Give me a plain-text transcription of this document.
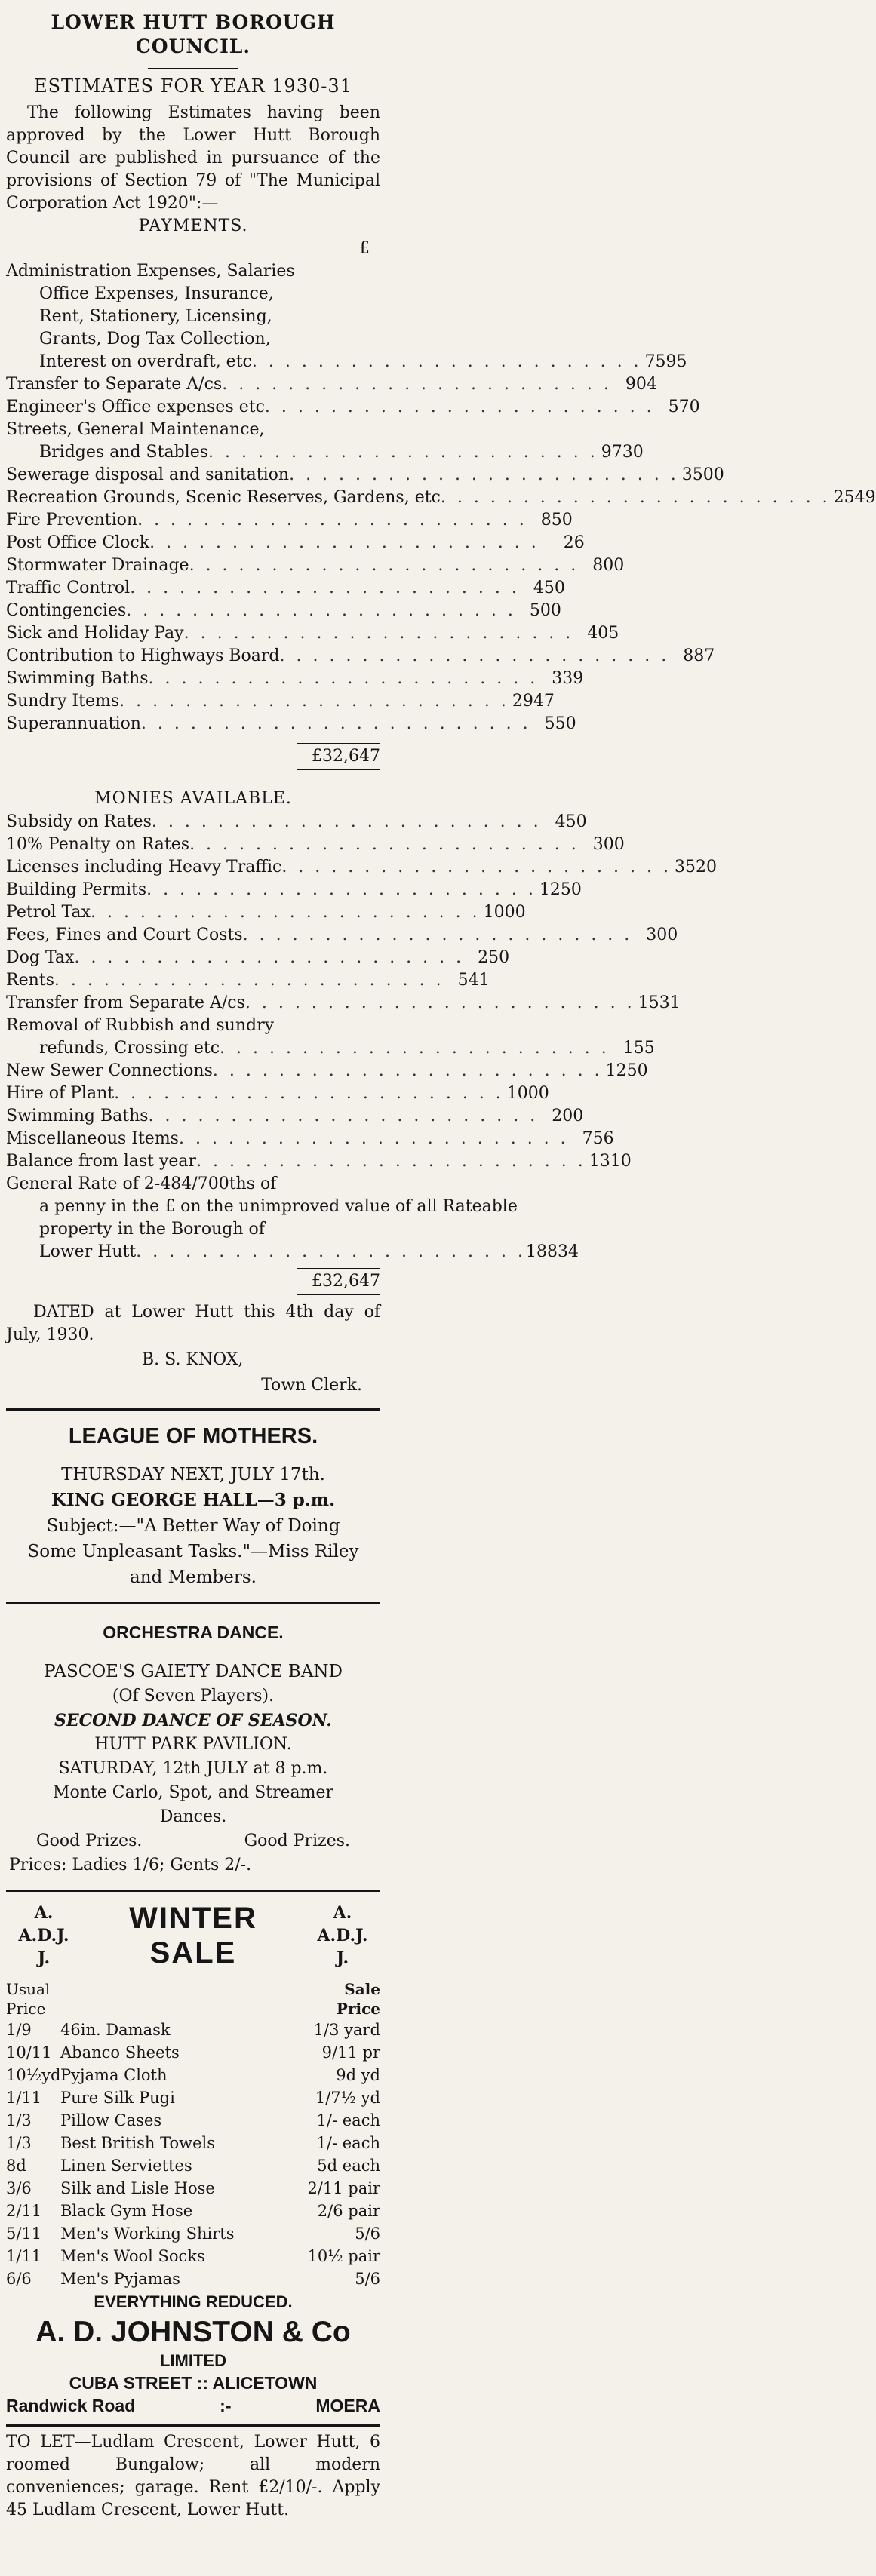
LOWER HUTT BOROUGH COUNCIL.
ESTIMATES FOR YEAR 1930-31
The following Estimates having been approved by the Lower Hutt Borough Council are published in pursuance of the provisions of Section 79 of "The Municipal Corporation Act 1920":—
PAYMENTS.
£
Administration Expenses, Salaries
Office Expenses, Insurance,
Rent, Stationery, Licensing,
Grants, Dog Tax Collection,
Interest on overdraft, etc . . . . . . . . . . . . . . . . . . . . . . . . 7595
Transfer to Separate A/cs . . . . . . . . . . . . . . . . . . . . . . . . 904
Engineer's Office expenses etc . . . . . . . . . . . . . . . . . . . . . . . . 570
Streets, General Maintenance,
Bridges and Stables . . . . . . . . . . . . . . . . . . . . . . . . 9730
Sewerage disposal and sanitation . . . . . . . . . . . . . . . . . . . . . . . . 3500
Recreation Grounds, Scenic Reserves, Gardens, etc . . . . . . . . . . . . . . . . . . . . . . . . 2549
Fire Prevention . . . . . . . . . . . . . . . . . . . . . . . . 850
Post Office Clock . . . . . . . . . . . . . . . . . . . . . . . .	26
Stormwater Drainage . . . . . . . . . . . . . . . . . . . . . . . . 800
Traffic Control . . . . . . . . . . . . . . . . . . . . . . . . 450
Contingencies . . . . . . . . . . . . . . . . . . . . . . . . 500
Sick and Holiday Pay . . . . . . . . . . . . . . . . . . . . . . . . 405
Contribution to Highways Board . . . . . . . . . . . . . . . . . . . . . . . . 887
Swimming Baths . . . . . . . . . . . . . . . . . . . . . . . . 339
Sundry Items . . . . . . . . . . . . . . . . . . . . . . . . 2947
Superannuation . . . . . . . . . . . . . . . . . . . . . . . . 550
£32,647
MONIES AVAILABLE.
Subsidy on Rates . . . . . . . . . . . . . . . . . . . . . . . . 450
10% Penalty on Rates . . . . . . . . . . . . . . . . . . . . . . . . 300
Licenses including Heavy Traffic . . . . . . . . . . . . . . . . . . . . . . . . 3520
Building Permits . . . . . . . . . . . . . . . . . . . . . . . . 1250
Petrol Tax . . . . . . . . . . . . . . . . . . . . . . . . 1000
Fees, Fines and Court Costs . . . . . . . . . . . . . . . . . . . . . . . . 300
Dog Tax . . . . . . . . . . . . . . . . . . . . . . . . 250
Rents . . . . . . . . . . . . . . . . . . . . . . . . 541
Transfer from Separate A/cs . . . . . . . . . . . . . . . . . . . . . . . . 1531
Removal of Rubbish and sundry
refunds, Crossing etc . . . . . . . . . . . . . . . . . . . . . . . . 155
New Sewer Connections . . . . . . . . . . . . . . . . . . . . . . . . 1250
Hire of Plant . . . . . . . . . . . . . . . . . . . . . . . . 1000
Swimming Baths . . . . . . . . . . . . . . . . . . . . . . . . 200
Miscellaneous Items . . . . . . . . . . . . . . . . . . . . . . . . 756
Balance from last year . . . . . . . . . . . . . . . . . . . . . . . . 1310
General Rate of 2-484/700ths of
a penny in the £ on the unimproved value of all Rateable
property in the Borough of
Lower Hutt . . . . . . . . . . . . . . . . . . . . . . . . 18834
£32,647
DATED at Lower Hutt this 4th day of July, 1930.
B. S. KNOX,
Town Clerk.
LEAGUE OF MOTHERS.
THURSDAY NEXT, JULY 17th.
KING GEORGE HALL—3 p.m.
Subject:—"A Better Way of Doing
Some Unpleasant Tasks."—Miss Riley
and Members.
ORCHESTRA DANCE.
PASCOE'S GAIETY DANCE BAND
(Of Seven Players).
SECOND DANCE OF SEASON.
HUTT PARK PAVILION.
SATURDAY, 12th JULY at 8 p.m.
Monte Carlo, Spot, and Streamer
Dances.
Good Prizes.	Good Prizes.
Prices: Ladies 1/6; Gents 2/-.
A.
A.D.J.
J.
WINTER
SALE
A.
A.D.J.
J.
Usual
Price
Sale
Price
1/9	46in. Damask	1/3 yard
10/11 Abanco Sheets	9/11 pr
10½yd Pyjama Cloth	9d yd
1/11	Pure Silk Pugi	1/7½ yd
1/3	Pillow Cases	1/- each
1/3	Best British Towels	1/- each
8d	Linen Serviettes	5d each
3/6	Silk and Lisle Hose	2/11 pair
2/11	Black Gym Hose	2/6 pair
5/11	Men's Working Shirts	5/6
1/11	Men's Wool Socks	10½ pair
6/6	Men's Pyjamas	5/6
EVERYTHING REDUCED.
A. D. JOHNSTON & Co
LIMITED
CUBA STREET :: ALICETOWN
Randwick Road	:-	MOERA
TO LET—Ludlam Crescent, Lower Hutt, 6 roomed Bungalow; all modern conveniences; garage. Rent £2/10/-. Apply 45 Ludlam Crescent, Lower Hutt.
